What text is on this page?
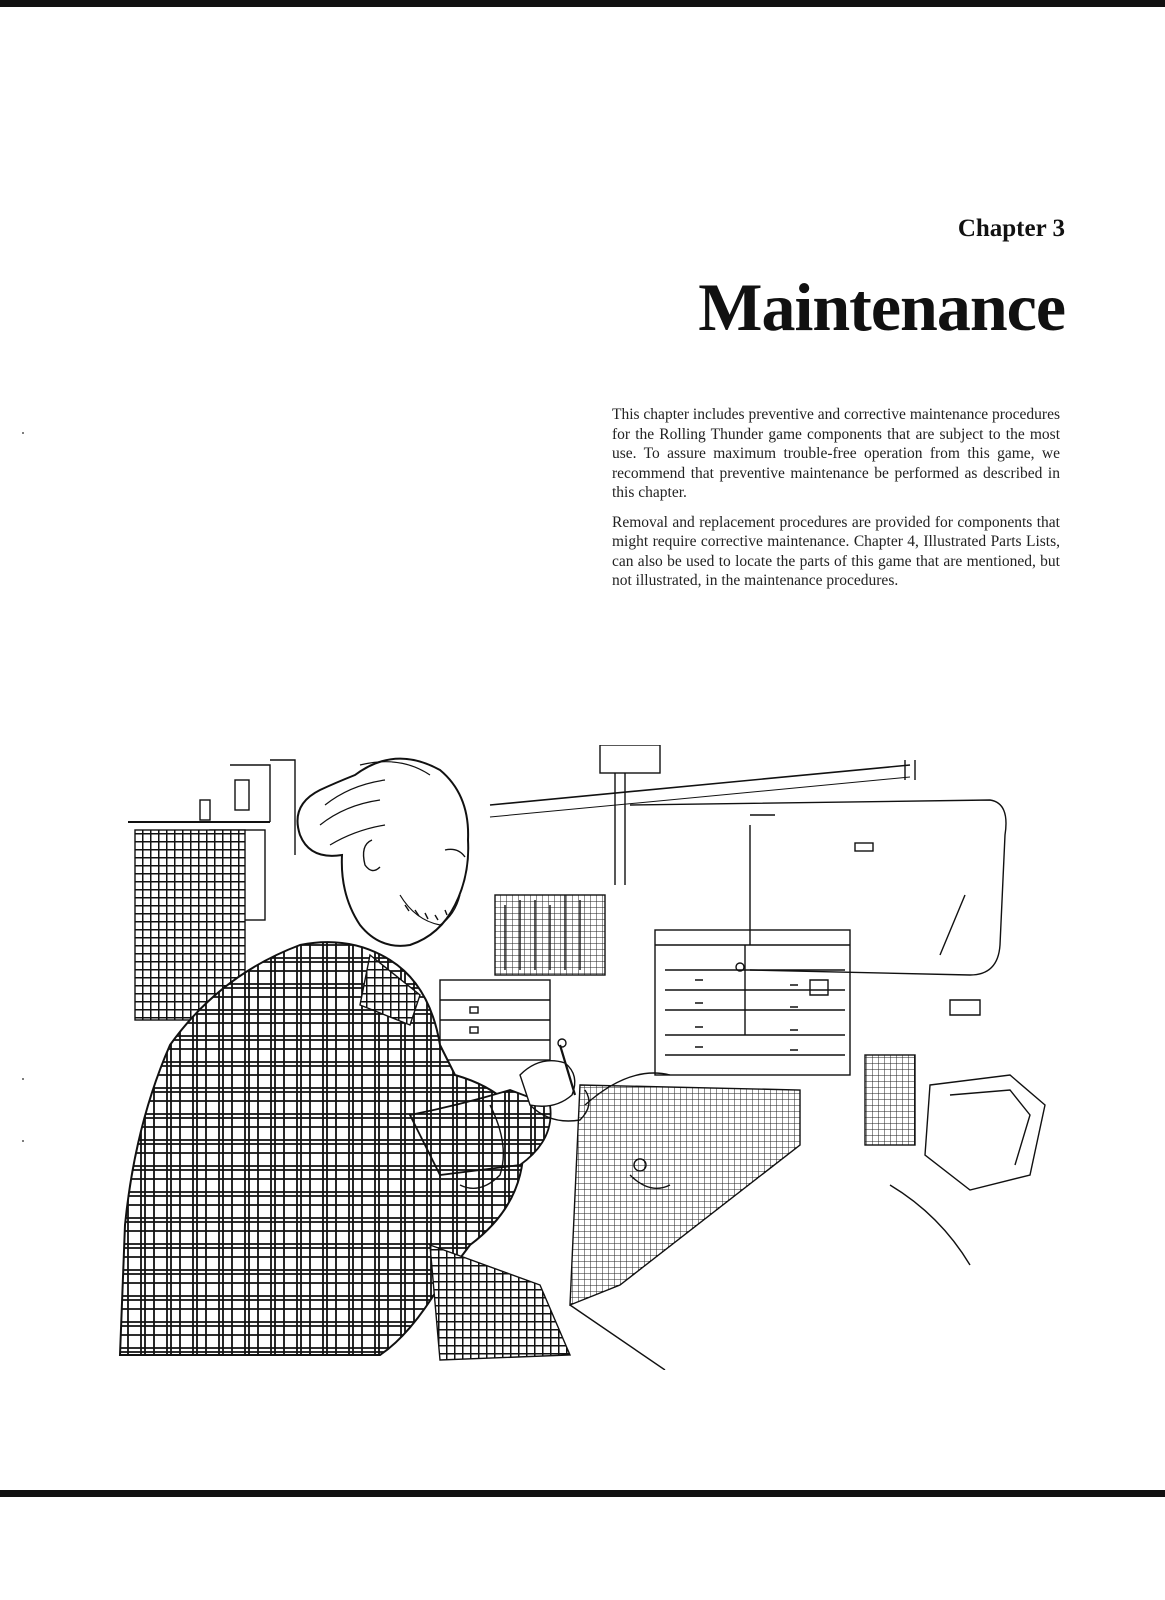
Chapter 3
Maintenance

This chapter includes preventive and corrective maintenance procedures for the Rolling Thunder game components that are subject to the most use. To assure maximum trouble-free operation from this game, we recommend that preventive maintenance be performed as described in this chapter.

Removal and replacement procedures are provided for components that might require corrective maintenance. Chapter 4, Illustrated Parts Lists, can also be used to locate the parts of this game that are mentioned, but not illustrated, in the maintenance procedures.
